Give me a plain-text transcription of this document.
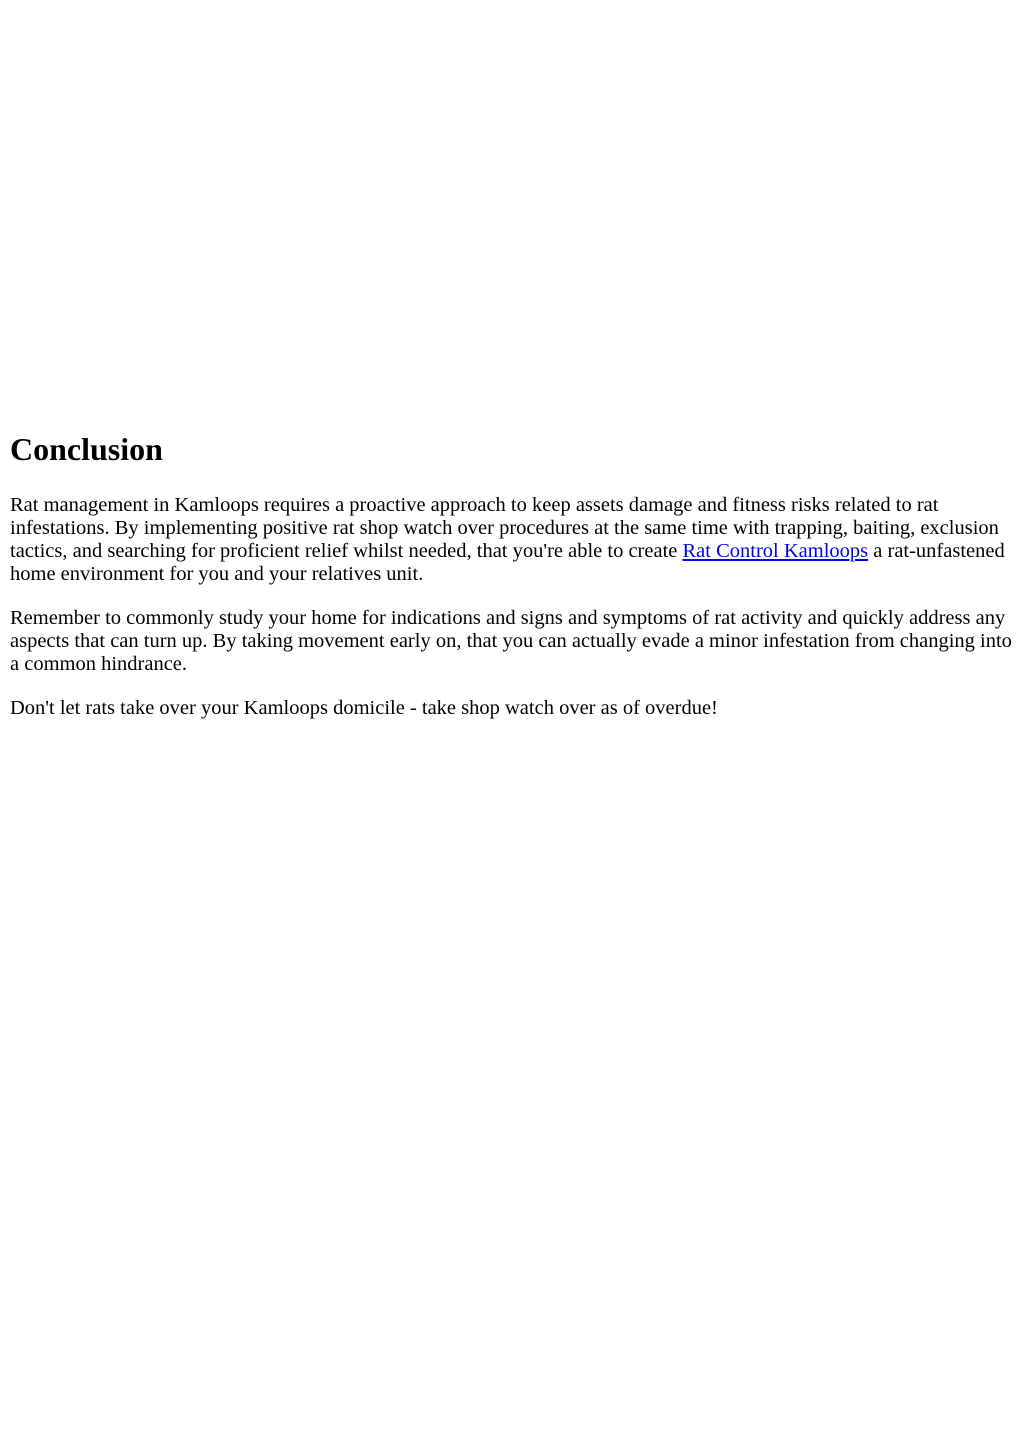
Conclusion

Rat management in Kamloops requires a proactive approach to keep assets damage and fitness risks related to rat infestations. By implementing positive rat shop watch over procedures at the same time with trapping, baiting, exclusion tactics, and searching for proficient relief whilst needed, that you're able to create Rat Control Kamloops a rat-unfastened home environment for you and your relatives unit.

Remember to commonly study your home for indications and signs and symptoms of rat activity and quickly address any aspects that can turn up. By taking movement early on, that you can actually evade a minor infestation from changing into a common hindrance.

Don't let rats take over your Kamloops domicile - take shop watch over as of overdue!
